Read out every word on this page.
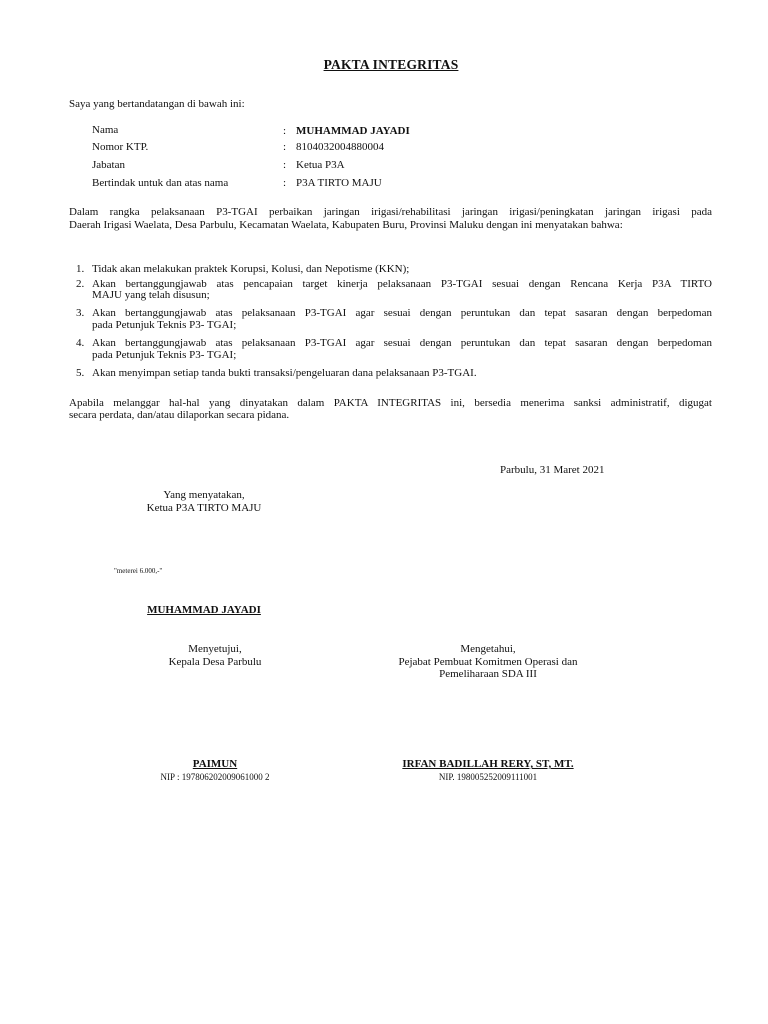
PAKTA INTEGRITAS
Saya yang bertandatangan di bawah ini:
Nama	: MUHAMMAD JAYADI
Nomor KTP.	: 8104032004880004
Jabatan	: Ketua P3A
Bertindak untuk dan atas nama	: P3A TIRTO MAJU
Dalam rangka pelaksanaan P3-TGAI perbaikan jaringan irigasi/rehabilitasi jaringan irigasi/peningkatan jaringan irigasi pada
Daerah Irigasi Waelata, Desa Parbulu, Kecamatan Waelata, Kabupaten Buru, Provinsi Maluku dengan ini menyatakan bahwa:
1. Tidak akan melakukan praktek Korupsi, Kolusi, dan Nepotisme (KKN);
2. Akan bertanggungjawab atas pencapaian target kinerja pelaksanaan P3-TGAI sesuai dengan Rencana Kerja P3A TIRTO
MAJU yang telah disusun;
3. Akan bertanggungjawab atas pelaksanaan P3-TGAI agar sesuai dengan peruntukan dan tepat sasaran dengan berpedoman
pada Petunjuk Teknis P3- TGAI;
4. Akan bertanggungjawab atas pelaksanaan P3-TGAI agar sesuai dengan peruntukan dan tepat sasaran dengan berpedoman
pada Petunjuk Teknis P3- TGAI;
5. Akan menyimpan setiap tanda bukti transaksi/pengeluaran dana pelaksanaan P3-TGAI.
Apabila melanggar hal-hal yang dinyatakan dalam PAKTA INTEGRITAS ini, bersedia menerima sanksi administratif, digugat
secara perdata, dan/atau dilaporkan secara pidana.
Parbulu, 31 Maret 2021
Yang menyatakan,
Ketua P3A TIRTO MAJU
"meterei 6.000,-"
MUHAMMAD JAYADI
Menyetujui,
Kepala Desa Parbulu
PAIMUN
NIP : 197806202009061000 2
Mengetahui,
Pejabat Pembuat Komitmen Operasi dan
Pemeliharaan SDA III
IRFAN BADILLAH RERY, ST, MT.
NIP. 198005252009111001
